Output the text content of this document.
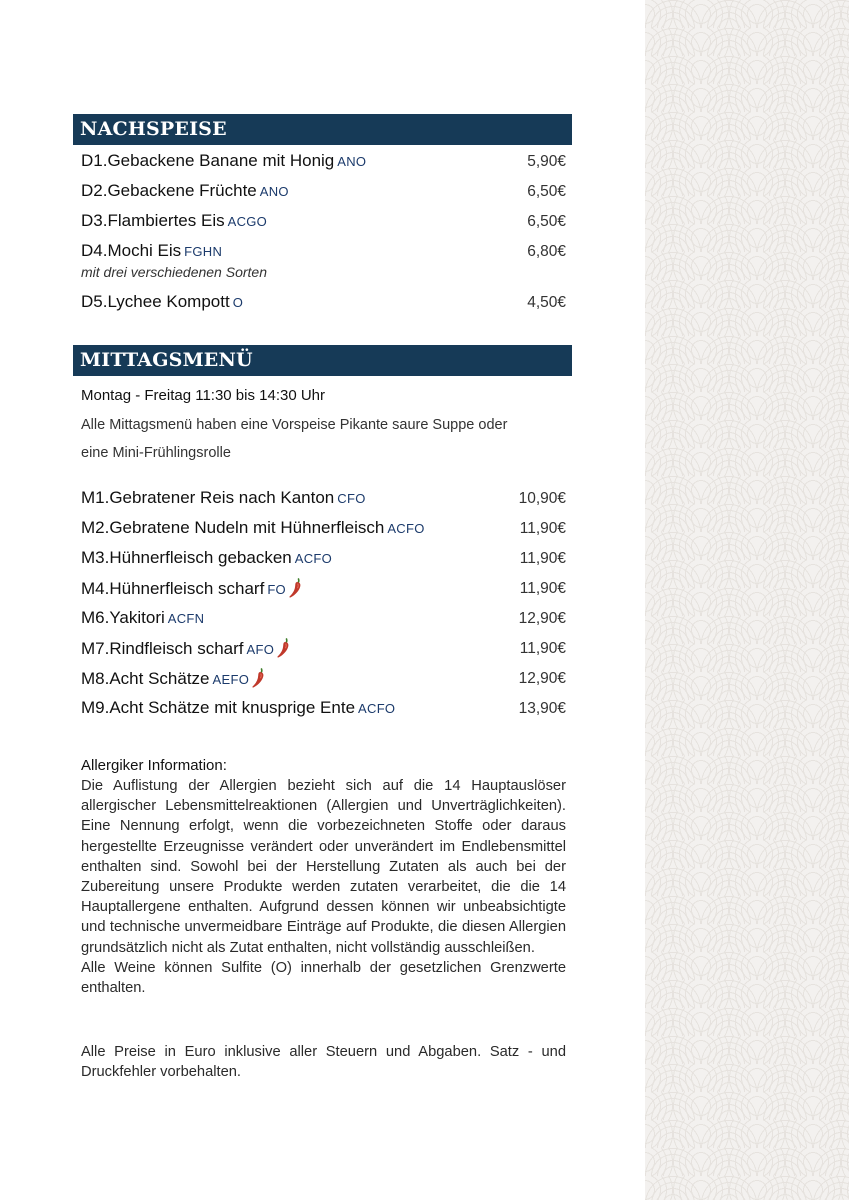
NACHSPEISE
D1.Gebackene Banane mit Honig ANO	5,90€
D2.Gebackene Früchte ANO	6,50€
D3.Flambiertes Eis ACGO	6,50€
D4.Mochi Eis FGHN	6,80€
mit drei verschiedenen Sorten
D5.Lychee Kompott O	4,50€
MITTAGSMENÜ
Montag - Freitag 11:30 bis 14:30 Uhr
Alle Mittagsmenü haben eine Vorspeise Pikante saure Suppe oder
eine Mini-Frühlingsrolle
M1.Gebratener Reis nach Kanton CFO	10,90€
M2.Gebratene Nudeln mit Hühnerfleisch ACFO	11,90€
M3.Hühnerfleisch gebacken ACFO	11,90€
M4.Hühnerfleisch scharf FO	11,90€
M6.Yakitori ACFN	12,90€
M7.Rindfleisch scharf AFO	11,90€
M8.Acht Schätze AEFO	12,90€
M9.Acht Schätze mit knusprige Ente ACFO	13,90€
Allergiker Information:
Die Auflistung der Allergien bezieht sich auf die 14 Hauptauslöser allergischer Lebensmittelreaktionen (Allergien und Unverträglichkeiten). Eine Nennung erfolgt, wenn die vorbezeichneten Stoffe oder daraus hergestellte Erzeugnisse verändert oder unverändert im Endlebensmittel enthalten sind. Sowohl bei der Herstellung Zutaten als auch bei der Zubereitung unsere Produkte werden zutaten verarbeitet, die die 14 Hauptallergene enthalten. Aufgrund dessen können wir unbeabsichtigte und technische unvermeidbare Einträge auf Produkte, die diesen Allergien grundsätzlich nicht als Zutat enthalten, nicht vollständig ausschleißen.
Alle Weine können Sulfite (O) innerhalb der gesetzlichen Grenzwerte enthalten.
Alle Preise in Euro inklusive aller Steuern und Abgaben. Satz - und Druckfehler vorbehalten.
